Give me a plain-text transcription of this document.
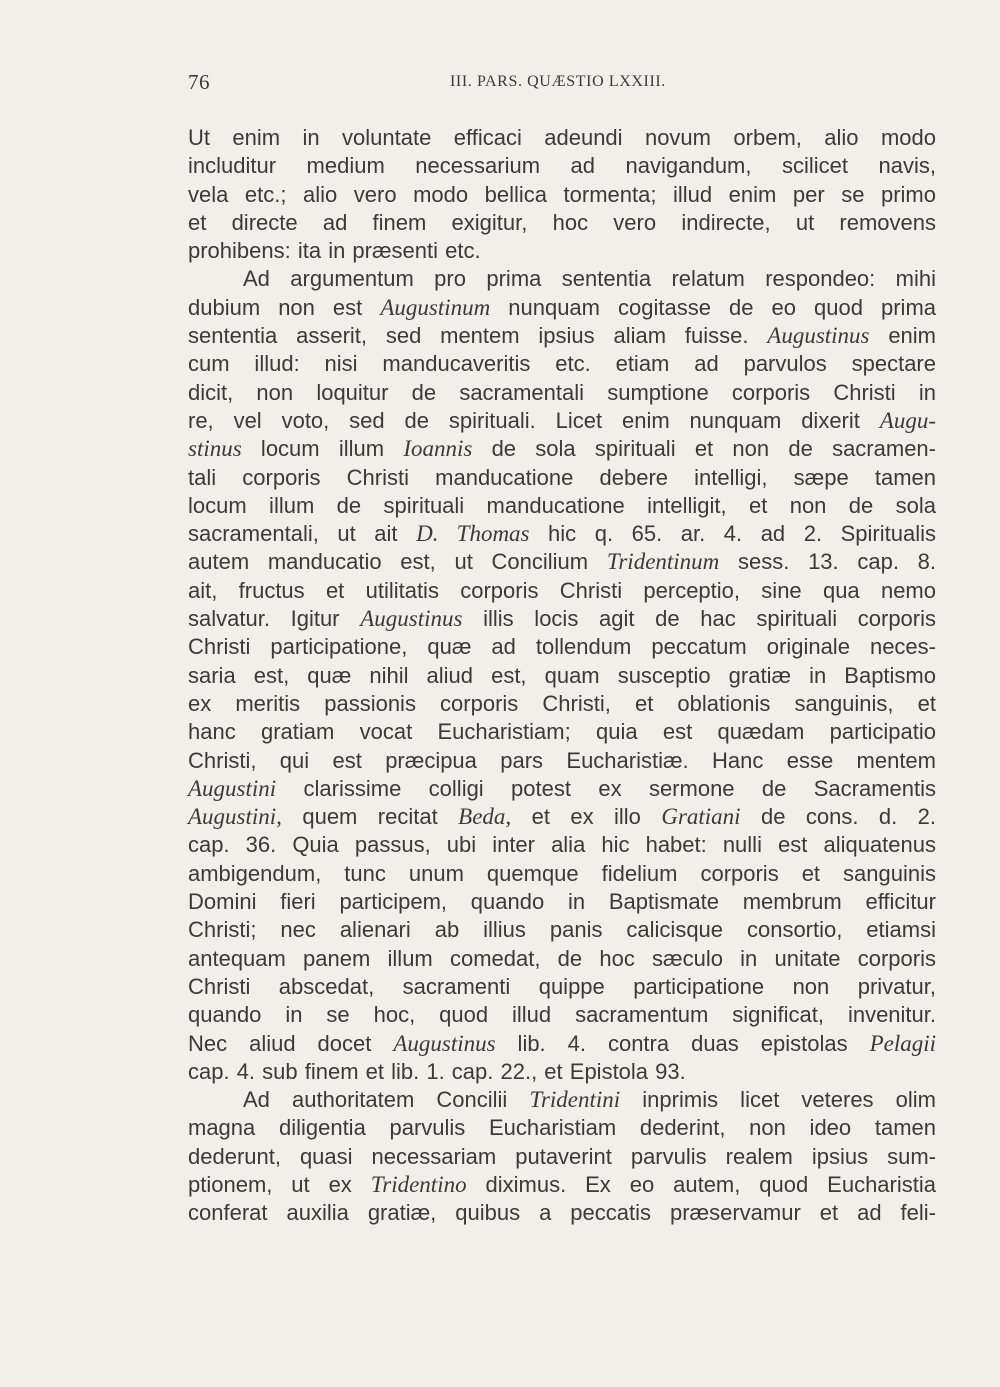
76	III. PARS. QUÆSTIO LXXIII.
Ut enim in voluntate efficaci adeundi novum orbem, alio modo
includitur medium necessarium ad navigandum, scilicet navis,
vela etc.; alio vero modo bellica tormenta; illud enim per se primo
et directe ad finem exigitur, hoc vero indirecte, ut removens
prohibens: ita in præsenti etc.
Ad argumentum pro prima sententia relatum respondeo: mihi
dubium non est Augustinum nunquam cogitasse de eo quod prima
sententia asserit, sed mentem ipsius aliam fuisse. Augustinus enim
cum illud: nisi manducaveritis etc. etiam ad parvulos spectare
dicit, non loquitur de sacramentali sumptione corporis Christi in
re, vel voto, sed de spirituali. Licet enim nunquam dixerit Augu-
stinus locum illum Ioannis de sola spirituali et non de sacramen-
tali corporis Christi manducatione debere intelligi, sæpe tamen
locum illum de spirituali manducatione intelligit, et non de sola
sacramentali, ut ait D. Thomas hic q. 65. ar. 4. ad 2. Spiritualis
autem manducatio est, ut Concilium Tridentinum sess. 13. cap. 8.
ait, fructus et utilitatis corporis Christi perceptio, sine qua nemo
salvatur. Igitur Augustinus illis locis agit de hac spirituali corporis
Christi participatione, quæ ad tollendum peccatum originale neces-
saria est, quæ nihil aliud est, quam susceptio gratiæ in Baptismo
ex meritis passionis corporis Christi, et oblationis sanguinis, et
hanc gratiam vocat Eucharistiam; quia est quædam participatio
Christi, qui est præcipua pars Eucharistiæ. Hanc esse mentem
Augustini clarissime colligi potest ex sermone de Sacramentis
Augustini, quem recitat Beda, et ex illo Gratiani de cons. d. 2.
cap. 36. Quia passus, ubi inter alia hic habet: nulli est aliquatenus
ambigendum, tunc unum quemque fidelium corporis et sanguinis
Domini fieri participem, quando in Baptismate membrum efficitur
Christi; nec alienari ab illius panis calicisque consortio, etiamsi
antequam panem illum comedat, de hoc sæculo in unitate corporis
Christi abscedat, sacramenti quippe participatione non privatur,
quando in se hoc, quod illud sacramentum significat, invenitur.
Nec aliud docet Augustinus lib. 4. contra duas epistolas Pelagii
cap. 4. sub finem et lib. 1. cap. 22., et Epistola 93.
Ad authoritatem Concilii Tridentini inprimis licet veteres olim
magna diligentia parvulis Eucharistiam dederint, non ideo tamen
dederunt, quasi necessariam putaverint parvulis realem ipsius sum-
ptionem, ut ex Tridentino diximus. Ex eo autem, quod Eucharistia
conferat auxilia gratiæ, quibus a peccatis præservamur et ad feli-
